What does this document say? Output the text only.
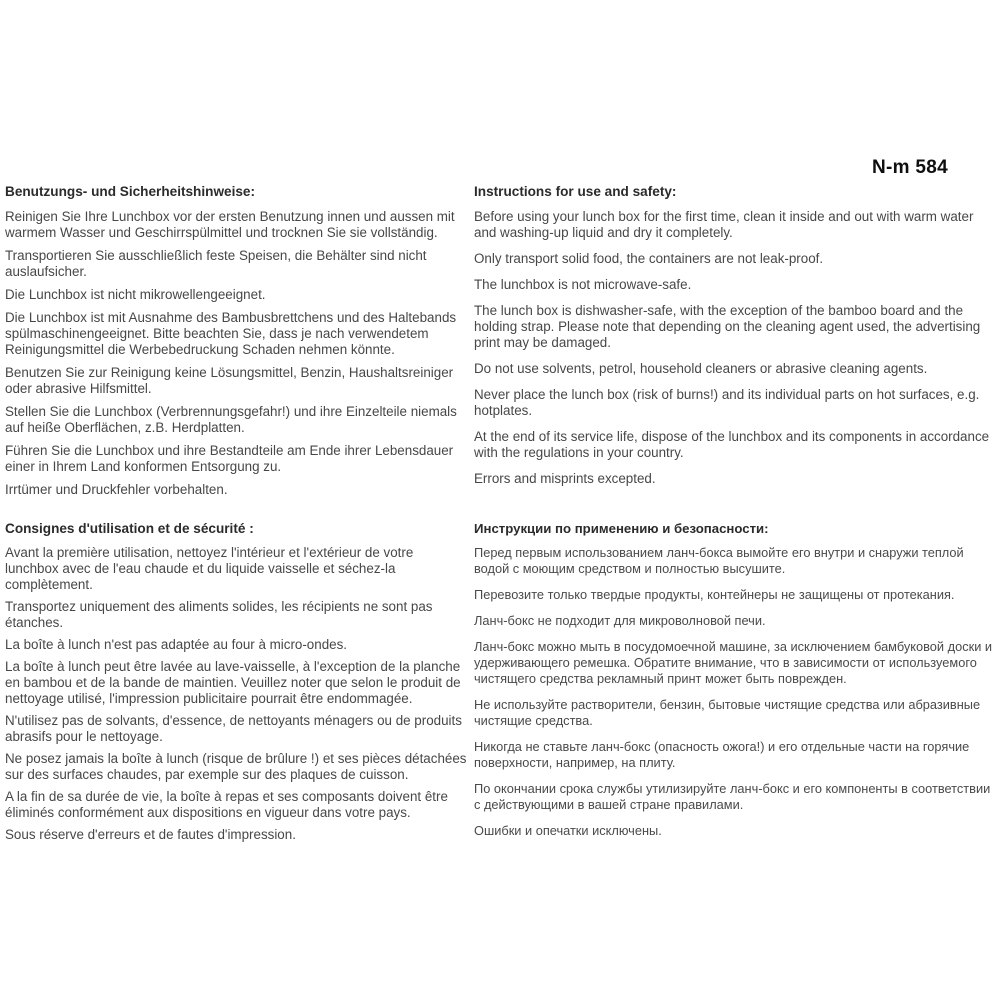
N-m 584
Benutzungs- und Sicherheitshinweise:

Reinigen Sie Ihre Lunchbox vor der ersten Benutzung innen und aussen mit warmem Wasser und Geschirrspülmittel und trocknen Sie sie vollständig.

Transportieren Sie ausschließlich feste Speisen, die Behälter sind nicht auslaufsicher.

Die Lunchbox ist nicht mikrowellengeeignet.

Die Lunchbox ist mit Ausnahme des Bambusbrettchens und des Haltebands spülmaschinengeeignet. Bitte beachten Sie, dass je nach verwendetem Reinigungsmittel die Werbebedruckung Schaden nehmen könnte.

Benutzen Sie zur Reinigung keine Lösungsmittel, Benzin, Haushaltsreiniger oder abrasive Hilfsmittel.

Stellen Sie die Lunchbox (Verbrennungsgefahr!) und ihre Einzelteile niemals auf heiße Oberflächen, z.B. Herdplatten.

Führen Sie die Lunchbox und ihre Bestandteile am Ende ihrer Lebensdauer einer in Ihrem Land konformen Entsorgung zu.

Irrtümer und Druckfehler vorbehalten.

Instructions for use and safety:

Before using your lunch box for the first time, clean it inside and out with warm water and washing-up liquid and dry it completely.

Only transport solid food, the containers are not leak-proof.

The lunchbox is not microwave-safe.

The lunch box is dishwasher-safe, with the exception of the bamboo board and the holding strap. Please note that depending on the cleaning agent used, the advertising print may be damaged.

Do not use solvents, petrol, household cleaners or abrasive cleaning agents.

Never place the lunch box (risk of burns!) and its individual parts on hot surfaces, e.g. hotplates.

At the end of its service life, dispose of the lunchbox and its components in accordance with the regulations in your country.

Errors and misprints excepted.

Consignes d'utilisation et de sécurité :

Avant la première utilisation, nettoyez l'intérieur et l'extérieur de votre lunchbox avec de l'eau chaude et du liquide vaisselle et séchez-la complètement.

Transportez uniquement des aliments solides, les récipients ne sont pas étanches.

La boîte à lunch n'est pas adaptée au four à micro-ondes.

La boîte à lunch peut être lavée au lave-vaisselle, à l'exception de la planche en bambou et de la bande de maintien. Veuillez noter que selon le produit de nettoyage utilisé, l'impression publicitaire pourrait être endommagée.

N'utilisez pas de solvants, d'essence, de nettoyants ménagers ou de produits abrasifs pour le nettoyage.

Ne posez jamais la boîte à lunch (risque de brûlure !) et ses pièces détachées sur des surfaces chaudes, par exemple sur des plaques de cuisson.

A la fin de sa durée de vie, la boîte à repas et ses composants doivent être éliminés conformément aux dispositions en vigueur dans votre pays.

Sous réserve d'erreurs et de fautes d'impression.

Инструкции по применению и безопасности:

Перед первым использованием ланч-бокса вымойте его внутри и снаружи теплой водой с моющим средством и полностью высушите.

Перевозите только твердые продукты, контейнеры не защищены от протекания.

Ланч-бокс не подходит для микроволновой печи.

Ланч-бокс можно мыть в посудомоечной машине, за исключением бамбуковой доски и удерживающего ремешка. Обратите внимание, что в зависимости от используемого чистящего средства рекламный принт может быть поврежден.

Не используйте растворители, бензин, бытовые чистящие средства или абразивные чистящие средства.

Никогда не ставьте ланч-бокс (опасность ожога!) и его отдельные части на горячие поверхности, например, на плиту.

По окончании срока службы утилизируйте ланч-бокс и его компоненты в соответствии с действующими в вашей стране правилами.

Ошибки и опечатки исключены.
